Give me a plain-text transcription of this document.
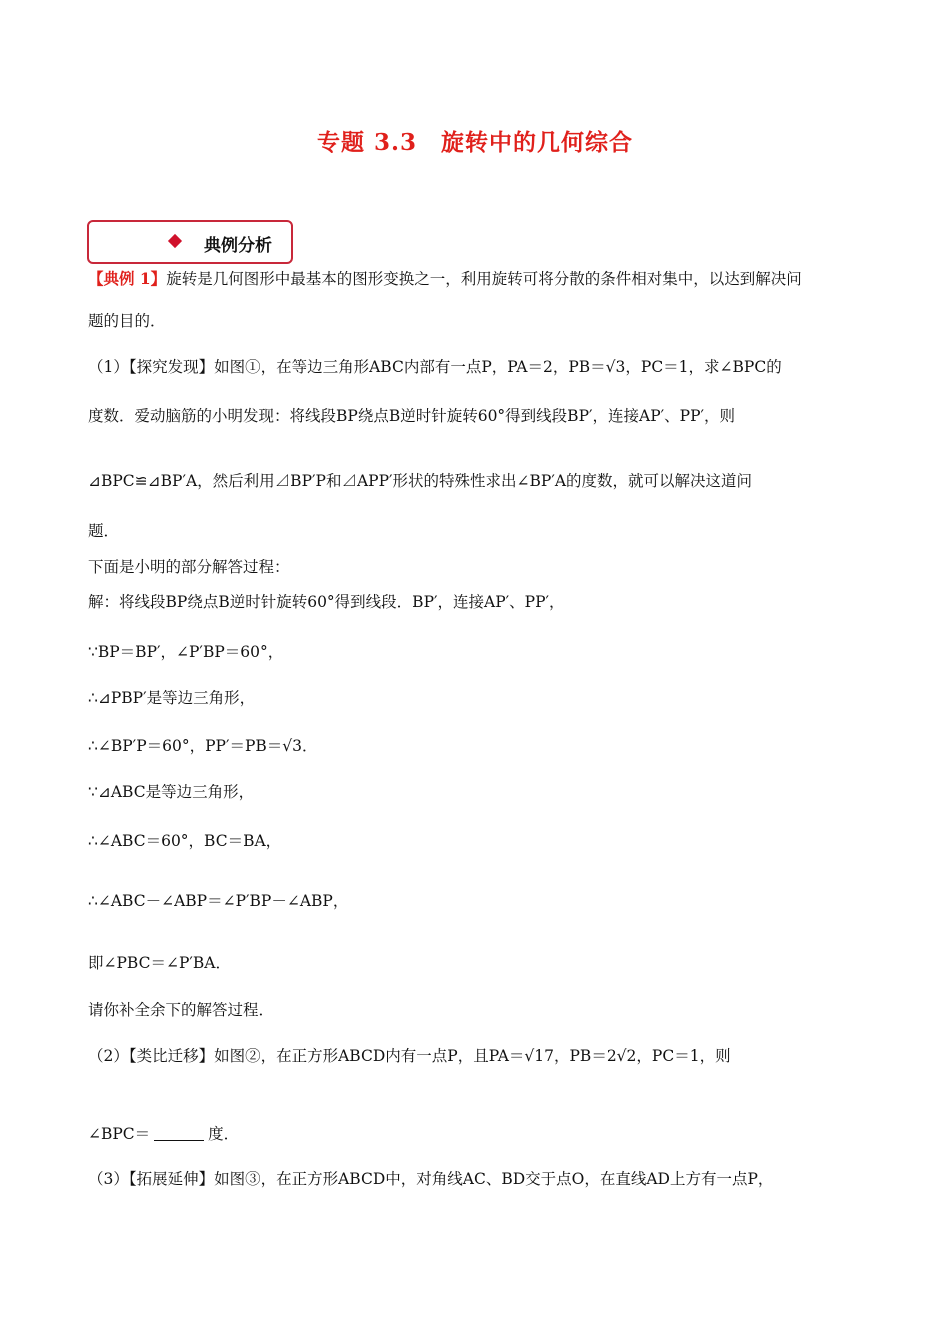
专题 3.3　旋转中的几何综合
典例分析
【典例 1】旋转是几何图形中最基本的图形变换之一，利用旋转可将分散的条件相对集中，以达到解决问
题的目的．
（1）【探究发现】如图①，在等边三角形ABC内部有一点P，PA＝2，PB＝√3，PC＝1，求∠BPC的
度数．爱动脑筋的小明发现：将线段BP绕点B逆时针旋转60°得到线段BP′，连接AP′、PP′，则
⊿BPC≌⊿BP′A，然后利用⊿BP′P和⊿APP′形状的特殊性求出∠BP′A的度数，就可以解决这道问
题．
下面是小明的部分解答过程：
解：将线段BP绕点B逆时针旋转60°得到线段．BP′，连接AP′、PP′，
∵BP＝BP′，∠P′BP＝60°，
∴⊿PBP′是等边三角形，
∴∠BP′P＝60°，PP′＝PB＝√3．
∵⊿ABC是等边三角形，
∴∠ABC＝60°，BC＝BA，
∴∠ABC－∠ABP＝∠P′BP－∠ABP，
即∠PBC＝∠P′BA．
请你补全余下的解答过程．
（2）【类比迁移】如图②，在正方形ABCD内有一点P，且PA＝√17，PB＝2√2，PC＝1，则
∠BPC＝	度．
（3）【拓展延伸】如图③，在正方形ABCD中，对角线AC、BD交于点O，在直线AD上方有一点P，
